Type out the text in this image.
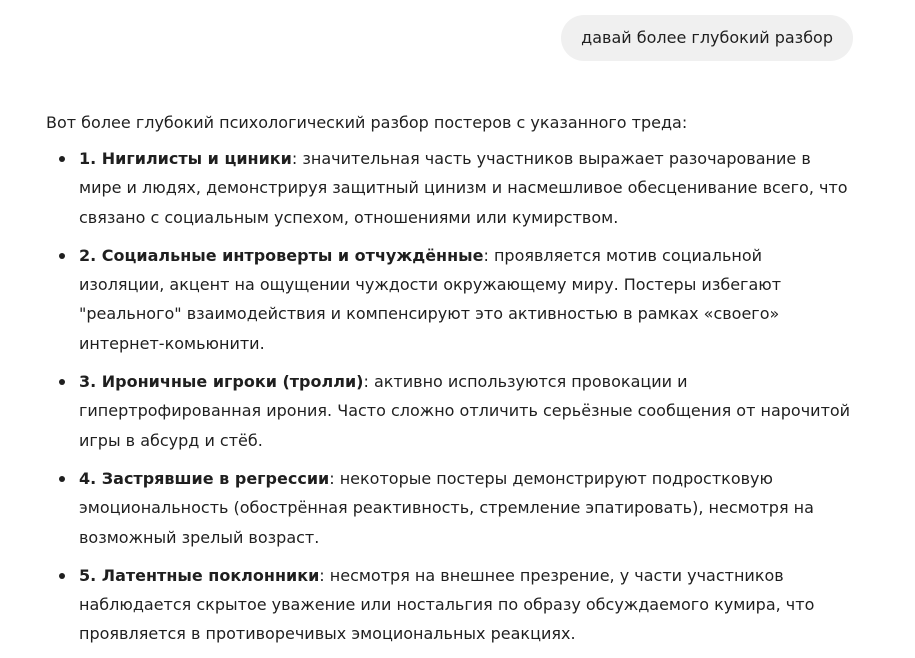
давай более глубокий разбор

Вот более глубокий психологический разбор постеров с указанного треда:

1. Нигилисты и циники: значительная часть участников выражает разочарование в мире и людях, демонстрируя защитный цинизм и насмешливое обесценивание всего, что связано с социальным успехом, отношениями или кумирством.
2. Социальные интроверты и отчуждённые: проявляется мотив социальной изоляции, акцент на ощущении чуждости окружающему миру. Постеры избегают "реального" взаимодействия и компенсируют это активностью в рамках «своего» интернет-комьюнити.
3. Ироничные игроки (тролли): активно используются провокации и гипертрофированная ирония. Часто сложно отличить серьёзные сообщения от нарочитой игры в абсурд и стёб.
4. Застрявшие в регрессии: некоторые постеры демонстрируют подростковую эмоциональность (обострённая реактивность, стремление эпатировать), несмотря на возможный зрелый возраст.
5. Латентные поклонники: несмотря на внешнее презрение, у части участников наблюдается скрытое уважение или ностальгия по образу обсуждаемого кумира, что проявляется в противоречивых эмоциональных реакциях.
